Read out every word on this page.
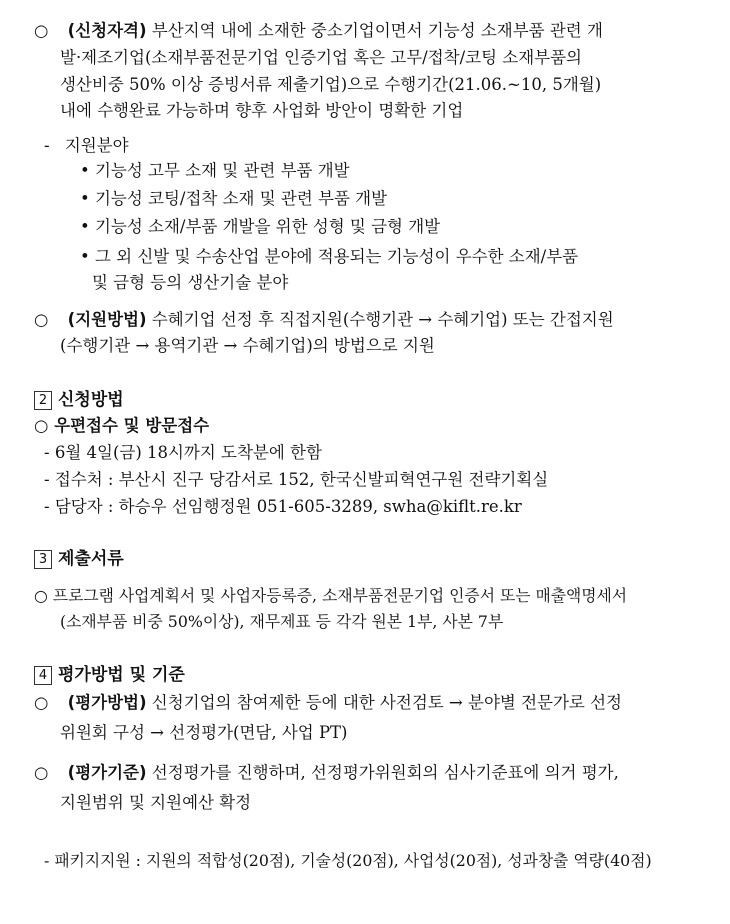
○ (신청자격) 부산지역 내에 소재한 중소기업이면서 기능성 소재부품 관련 개
발·제조기업(소재부품전문기업 인증기업 혹은 고무/접착/코팅 소재부품의
생산비중 50% 이상 증빙서류 제출기업)으로 수행기간(21.06.~10, 5개월)
내에 수행완료 가능하며 향후 사업화 방안이 명확한 기업
- 지원분야
• 기능성 고무 소재 및 관련 부품 개발
• 기능성 코팅/접착 소재 및 관련 부품 개발
• 기능성 소재/부품 개발을 위한 성형 및 금형 개발
• 그 외 신발 및 수송산업 분야에 적용되는 기능성이 우수한 소재/부품
및 금형 등의 생산기술 분야
○ (지원방법) 수혜기업 선정 후 직접지원(수행기관 → 수혜기업) 또는 간접지원
(수행기관 → 용역기관 → 수혜기업)의 방법으로 지원
2 신청방법
○ 우편접수 및 방문접수
- 6월 4일(금) 18시까지 도착분에 한함
- 접수처 : 부산시 진구 당감서로 152, 한국신발피혁연구원 전략기획실
- 담당자 : 하승우 선임행정원 051-605-3289, swha@kiflt.re.kr
3 제출서류
○ 프로그램 사업계획서 및 사업자등록증, 소재부품전문기업 인증서 또는 매출액명세서
(소재부품 비중 50%이상), 재무제표 등 각각 원본 1부, 사본 7부
4 평가방법 및 기준
○ (평가방법) 신청기업의 참여제한 등에 대한 사전검토 → 분야별 전문가로 선정
위원회 구성 → 선정평가(면담, 사업 PT)
○ (평가기준) 선정평가를 진행하며, 선정평가위원회의 심사기준표에 의거 평가,
지원범위 및 지원예산 확정
- 패키지지원 : 지원의 적합성(20점), 기술성(20점), 사업성(20점), 성과창출 역량(40점)
